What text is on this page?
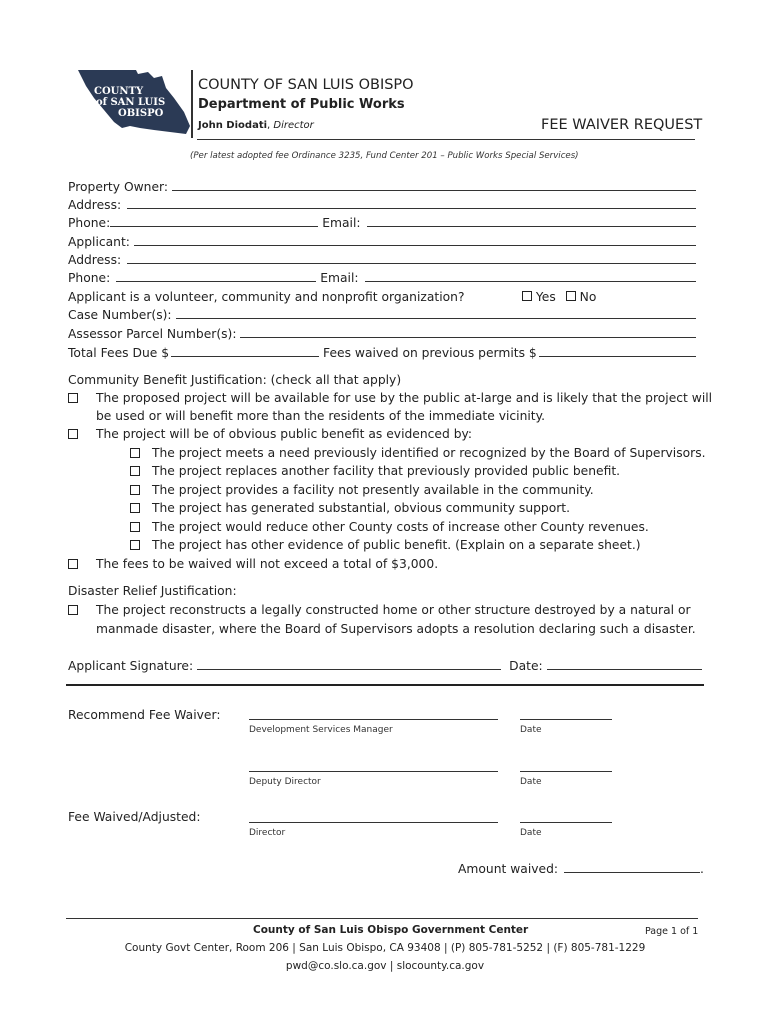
COUNTY
of SAN LUIS
OBISPO
COUNTY OF SAN LUIS OBISPO
Department of Public Works
John Diodati, Director	FEE WAIVER REQUEST
(Per latest adopted fee Ordinance 3235, Fund Center 201 – Public Works Special Services)
Property Owner:
Address:
Phone:	Email:
Applicant:
Address:
Phone:	Email:
Applicant is a volunteer, community and nonprofit organization?	Yes No
Case Number(s):
Assessor Parcel Number(s):
Total Fees Due $	Fees waived on previous permits $
Community Benefit Justification: (check all that apply)
The proposed project will be available for use by the public at-large and is likely that the project will
be used or will benefit more than the residents of the immediate vicinity.
The project will be of obvious public benefit as evidenced by:
The project meets a need previously identified or recognized by the Board of Supervisors.
The project replaces another facility that previously provided public benefit.
The project provides a facility not presently available in the community.
The project has generated substantial, obvious community support.
The project would reduce other County costs of increase other County revenues.
The project has other evidence of public benefit. (Explain on a separate sheet.)
The fees to be waived will not exceed a total of $3,000.
Disaster Relief Justification:
The project reconstructs a legally constructed home or other structure destroyed by a natural or
manmade disaster, where the Board of Supervisors adopts a resolution declaring such a disaster.
Applicant Signature:	Date:
Recommend Fee Waiver:
Development Services Manager	Date
Deputy Director	Date
Fee Waived/Adjusted:
Director	Date
Amount waived:	.
County of San Luis Obispo Government Center	Page 1 of 1
County Govt Center, Room 206 | San Luis Obispo, CA 93408 | (P) 805-781-5252 | (F) 805-781-1229
pwd@co.slo.ca.gov | slocounty.ca.gov
